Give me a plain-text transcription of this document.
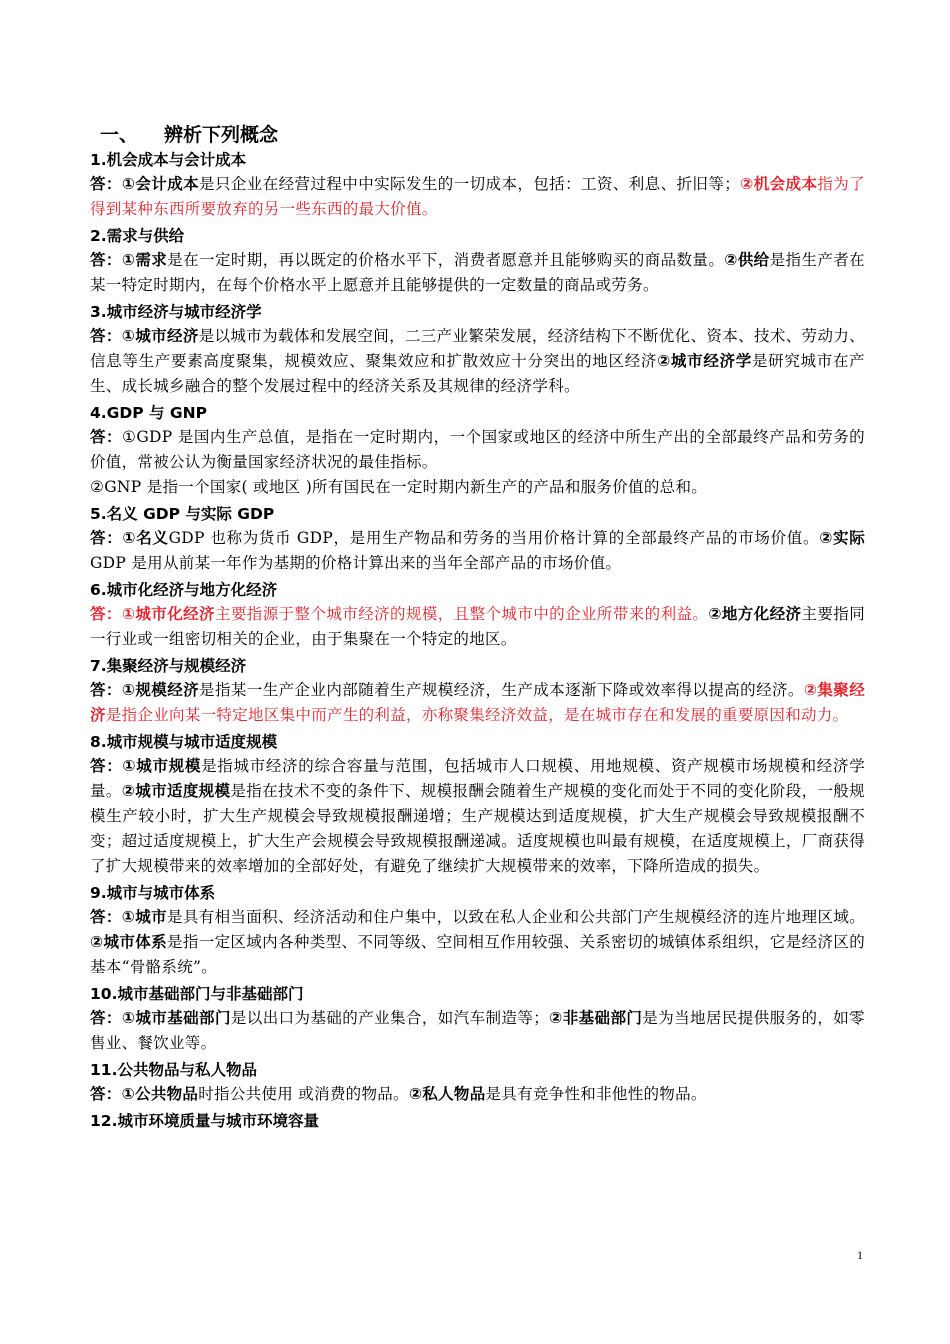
一、 辨析下列概念

1.机会成本与会计成本

答：①会计成本是只企业在经营过程中中实际发生的一切成本，包括：工资、利息、折旧等；②机会成本指为了得到某种东西所要放弃的另一些东西的最大价值。

2.需求与供给

答：①需求是在一定时期，再以既定的价格水平下，消费者愿意并且能够购买的商品数量。②供给是指生产者在某一特定时期内，在每个价格水平上愿意并且能够提供的一定数量的商品或劳务。

3.城市经济与城市经济学

答：①城市经济是以城市为载体和发展空间，二三产业繁荣发展，经济结构下不断优化、资本、技术、劳动力、信息等生产要素高度聚集，规模效应、聚集效应和扩散效应十分突出的地区经济②城市经济学是研究城市在产生、成长城乡融合的整个发展过程中的经济关系及其规律的经济学科。

4.GDP 与 GNP

答：①GDP 是国内生产总值，是指在一定时期内，一个国家或地区的经济中所生产出的全部最终产品和劳务的价值，常被公认为衡量国家经济状况的最佳指标。

②GNP 是指一个国家( 或地区 )所有国民在一定时期内新生产的产品和服务价值的总和。

5.名义 GDP 与实际 GDP

答：①名义GDP 也称为货币 GDP，是用生产物品和劳务的当用价格计算的全部最终产品的市场价值。②实际GDP 是用从前某一年作为基期的价格计算出来的当年全部产品的市场价值。

6.城市化经济与地方化经济

答：①城市化经济主要指源于整个城市经济的规模，且整个城市中的企业所带来的利益。②地方化经济主要指同一行业或一组密切相关的企业，由于集聚在一个特定的地区。

7.集聚经济与规模经济

答：①规模经济是指某一生产企业内部随着生产规模经济，生产成本逐渐下降或效率得以提高的经济。②集聚经济是指企业向某一特定地区集中而产生的利益，亦称聚集经济效益，是在城市存在和发展的重要原因和动力。

8.城市规模与城市适度规模

答：①城市规模是指城市经济的综合容量与范围，包括城市人口规模、用地规模、资产规模市场规模和经济学量。②城市适度规模是指在技术不变的条件下、规模报酬会随着生产规模的变化而处于不同的变化阶段，一般规模生产较小时，扩大生产规模会导致规模报酬递增；生产规模达到适度规模，扩大生产规模会导致规模报酬不变；超过适度规模上，扩大生产会规模会导致规模报酬递减。适度规模也叫最有规模，在适度规模上，厂商获得了扩大规模带来的效率增加的全部好处，有避免了继续扩大规模带来的效率，下降所造成的损失。

9.城市与城市体系

答：①城市是具有相当面积、经济活动和住户集中，以致在私人企业和公共部门产生规模经济的连片地理区域。②城市体系是指一定区域内各种类型、不同等级、空间相互作用较强、关系密切的城镇体系组织，它是经济区的基本“骨骼系统”。

10.城市基础部门与非基础部门

答：①城市基础部门是以出口为基础的产业集合，如汽车制造等；②非基础部门是为当地居民提供服务的，如零售业、餐饮业等。

11.公共物品与私人物品

答：①公共物品时指公共使用 或消费的物品。②私人物品是具有竞争性和非他性的物品。

12.城市环境质量与城市环境容量

1
